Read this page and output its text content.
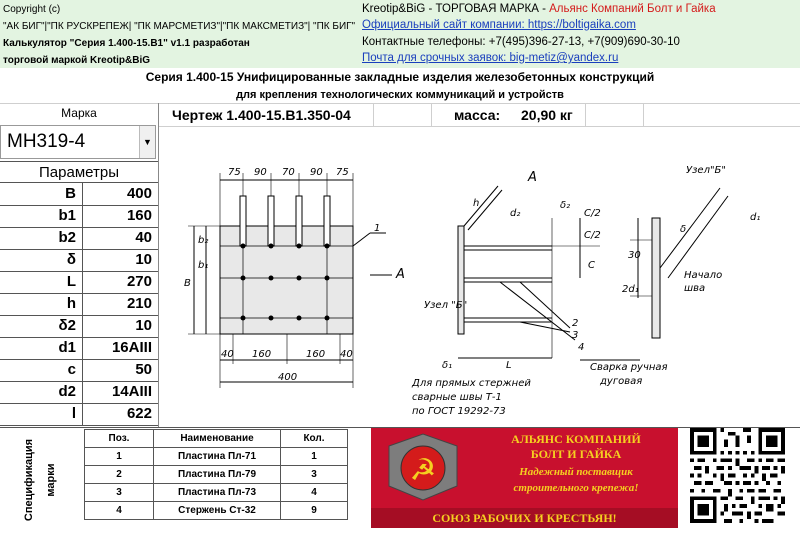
Copyright (c)
"АК БИГ"|"ПК РУСКРЕПЕЖ| "ПК МАРСМЕТИЗ"|"ПК МАКСМЕТИЗ"| "ПК БИГ"
Калькулятор "Серия 1.400-15.В1" v1.1 разработан
торговой маркой Kreotip&BiG
Kreotip&BiG - ТОРГОВАЯ МАРКА - Альянс Компаний Болт и Гайка
Официальный сайт компании: https://boltigaika.com
Контактные телефоны: +7(495)396-27-13, +7(909)690-30-10
Почта для срочных заявок: big-metiz@yandex.ru
Серия 1.400-15 Унифицированные закладные изделия железобетонных конструкций
для крепления технологических коммуникаций и устройств
Чертеж 1.400-15.В1.350-04	масса: 20,90 кг
Марка
МН319-4	▼
Параметры
B	400
b1	160
b2	40
δ	10
L	270
h	210
δ2	10
d1	16AIII
c	50
d2	14AIII
l	622
Спецификация марки
Поз.	Наименование	Кол.
1	Пластина Пл-71	1
2	Пластина Пл-79	3
3	Пластина Пл-73	4
4	Стержень Ст-32	9
75 90 70 90 75
40 160	160 40
400
B
b₂
b₁
1
A
A
h
d₂
δ₂
C/2
C/2
C
Узел "Б"
δ₁	L
2
3
4
Для прямых стержней
сварные швы Т-1
по ГОСТ 19292-73
Сварка ручная
дуговая
Узел"Б"
d₁
δ
30
2d₁
Начало
шва
☭
АЛЬЯНС КОМПАНИЙ
БОЛТ И ГАЙКА
Надежный поставщик
строительного крепежа!
СОЮЗ РАБОЧИХ И КРЕСТЬЯН!
